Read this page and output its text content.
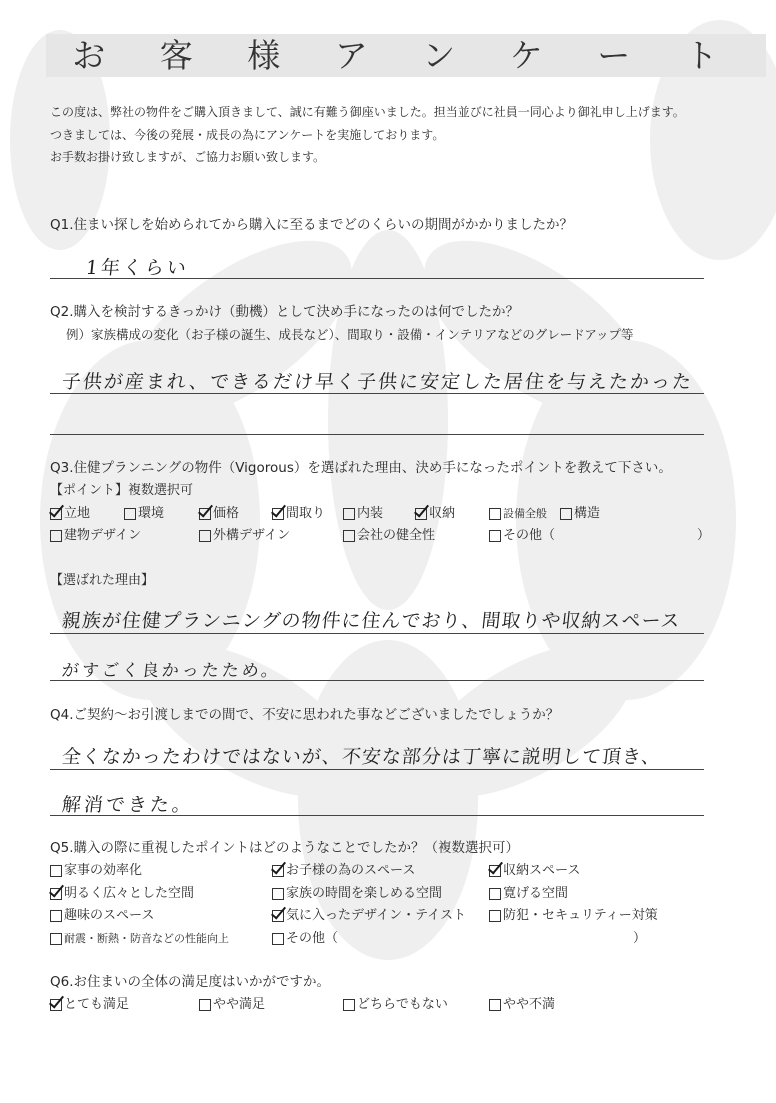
お 客 様 ア ン ケ ー ト
この度は、弊社の物件をご購入頂きまして、誠に有難う御座いました。担当並びに社員一同心より御礼申し上げます。
つきましては、今後の発展・成長の為にアンケートを実施しております。
お手数お掛け致しますが、ご協力お願い致します。
Q1.住まい探しを始められてから購入に至るまでどのくらいの期間がかかりましたか？
1年くらい
Q2.購入を検討するきっかけ（動機）として決め手になったのは何でしたか？
例）家族構成の変化（お子様の誕生、成長など）、間取り・設備・インテリアなどのグレードアップ等
子供が産まれ、できるだけ早く子供に安定した居住を与えたかった
Q3.住健プランニングの物件（Vigorous）を選ばれた理由、決め手になったポイントを教えて下さい。
【ポイント】複数選択可
立地	環境	価格	間取り 内装	収納	設備全般 構造
建物デザイン	外構デザイン	会社の健全性	その他（	）
【選ばれた理由】
親族が住健プランニングの物件に住んでおり、間取りや収納スペース
がすごく良かったため。
Q4.ご契約～お引渡しまでの間で、不安に思われた事などございましたでしょうか？
全くなかったわけではないが、不安な部分は丁寧に説明して頂き、
解消できた。
Q5.購入の際に重視したポイントはどのようなことでしたか？（複数選択可）
家事の効率化	お子様の為のスペース	収納スペース
明るく広々とした空間	家族の時間を楽しめる空間	寛げる空間
趣味のスペース	気に入ったデザイン・テイスト	防犯・セキュリティー対策
耐震・断熱・防音などの性能向上	その他（	）
Q6.お住まいの全体の満足度はいかがですか。
とても満足	やや満足	どちらでもない	やや不満
